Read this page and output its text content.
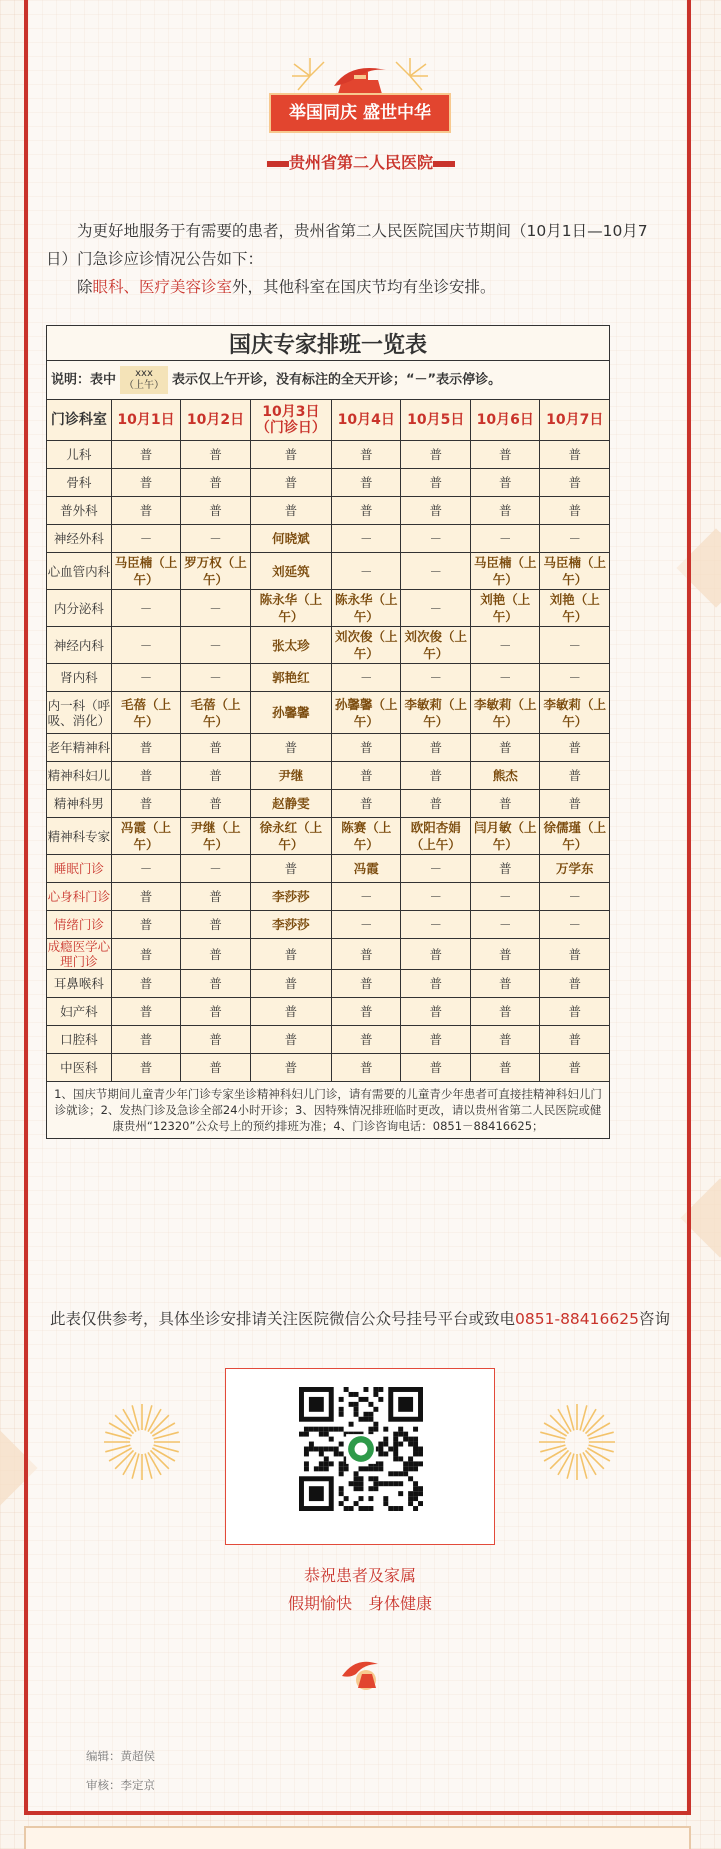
举国同庆 盛世中华
贵州省第二人民医院

为更好地服务于有需要的患者，贵州省第二人民医院国庆节期间（10月1日—10月7日）门急诊应诊情况公告如下：

除眼科、医疗美容诊室外，其他科室在国庆节均有坐诊安排。

国庆专家排班一览表							
说明：表中 xxx
（上午） 表示仅上午开诊，没有标注的全天开诊；“－”表示停诊。							
门诊科室	10月1日	10月2日	10月3日（门诊日）	10月4日	10月5日	10月6日	10月7日
儿科	普	普	普	普	普	普	普
骨科	普	普	普	普	普	普	普
普外科	普	普	普	普	普	普	普
神经外科	－	－	何晓斌	－	－	－	－
心血管内科	马臣楠（上午）	罗万权（上午）	刘延筑	－	－	马臣楠（上午）	马臣楠（上午）
内分泌科	－	－	陈永华（上午）	陈永华（上午）	－	刘艳（上午）	刘艳（上午）
神经内科	－	－	张太珍	刘次俊（上午）	刘次俊（上午）	－	－
肾内科	－	－	郭艳红	－	－	－	－
内一科（呼吸、消化）	毛蓓（上午）	毛蓓（上午）	孙馨馨	孙馨馨（上午）	李敏莉（上午）	李敏莉（上午）	李敏莉（上午）
老年精神科	普	普	普	普	普	普	普
精神科妇儿	普	普	尹继	普	普	熊杰	普
精神科男	普	普	赵静雯	普	普	普	普
精神科专家	冯霞（上午）	尹继（上午）	徐永红（上午）	陈赛（上午）	欧阳杏娟（上午）	闫月敏（上午）	徐儒瑾（上午）
睡眠门诊	－	－	普	冯霞	－	普	万学东
心身科门诊	普	普	李莎莎	－	－	－	－
情绪门诊	普	普	李莎莎	－	－	－	－
成瘾医学心理门诊	普	普	普	普	普	普	普
耳鼻喉科	普	普	普	普	普	普	普
妇产科	普	普	普	普	普	普	普
口腔科	普	普	普	普	普	普	普
中医科	普	普	普	普	普	普	普
1、国庆节期间儿童青少年门诊专家坐诊精神科妇儿门诊，请有需要的儿童青少年患者可直接挂精神科妇儿门诊就诊；2、发热门诊及急诊全部24小时开诊；3、因特殊情况排班临时更改，请以贵州省第二人民医院或健康贵州“12320”公众号上的预约排班为准；4、门诊咨询电话：0851－88416625；							
此表仅供参考，具体坐诊安排请关注医院微信公众号挂号平台或致电0851-88416625咨询
恭祝患者及家属
假期愉快　身体健康
编辑：黄超侯
审核：李定京
